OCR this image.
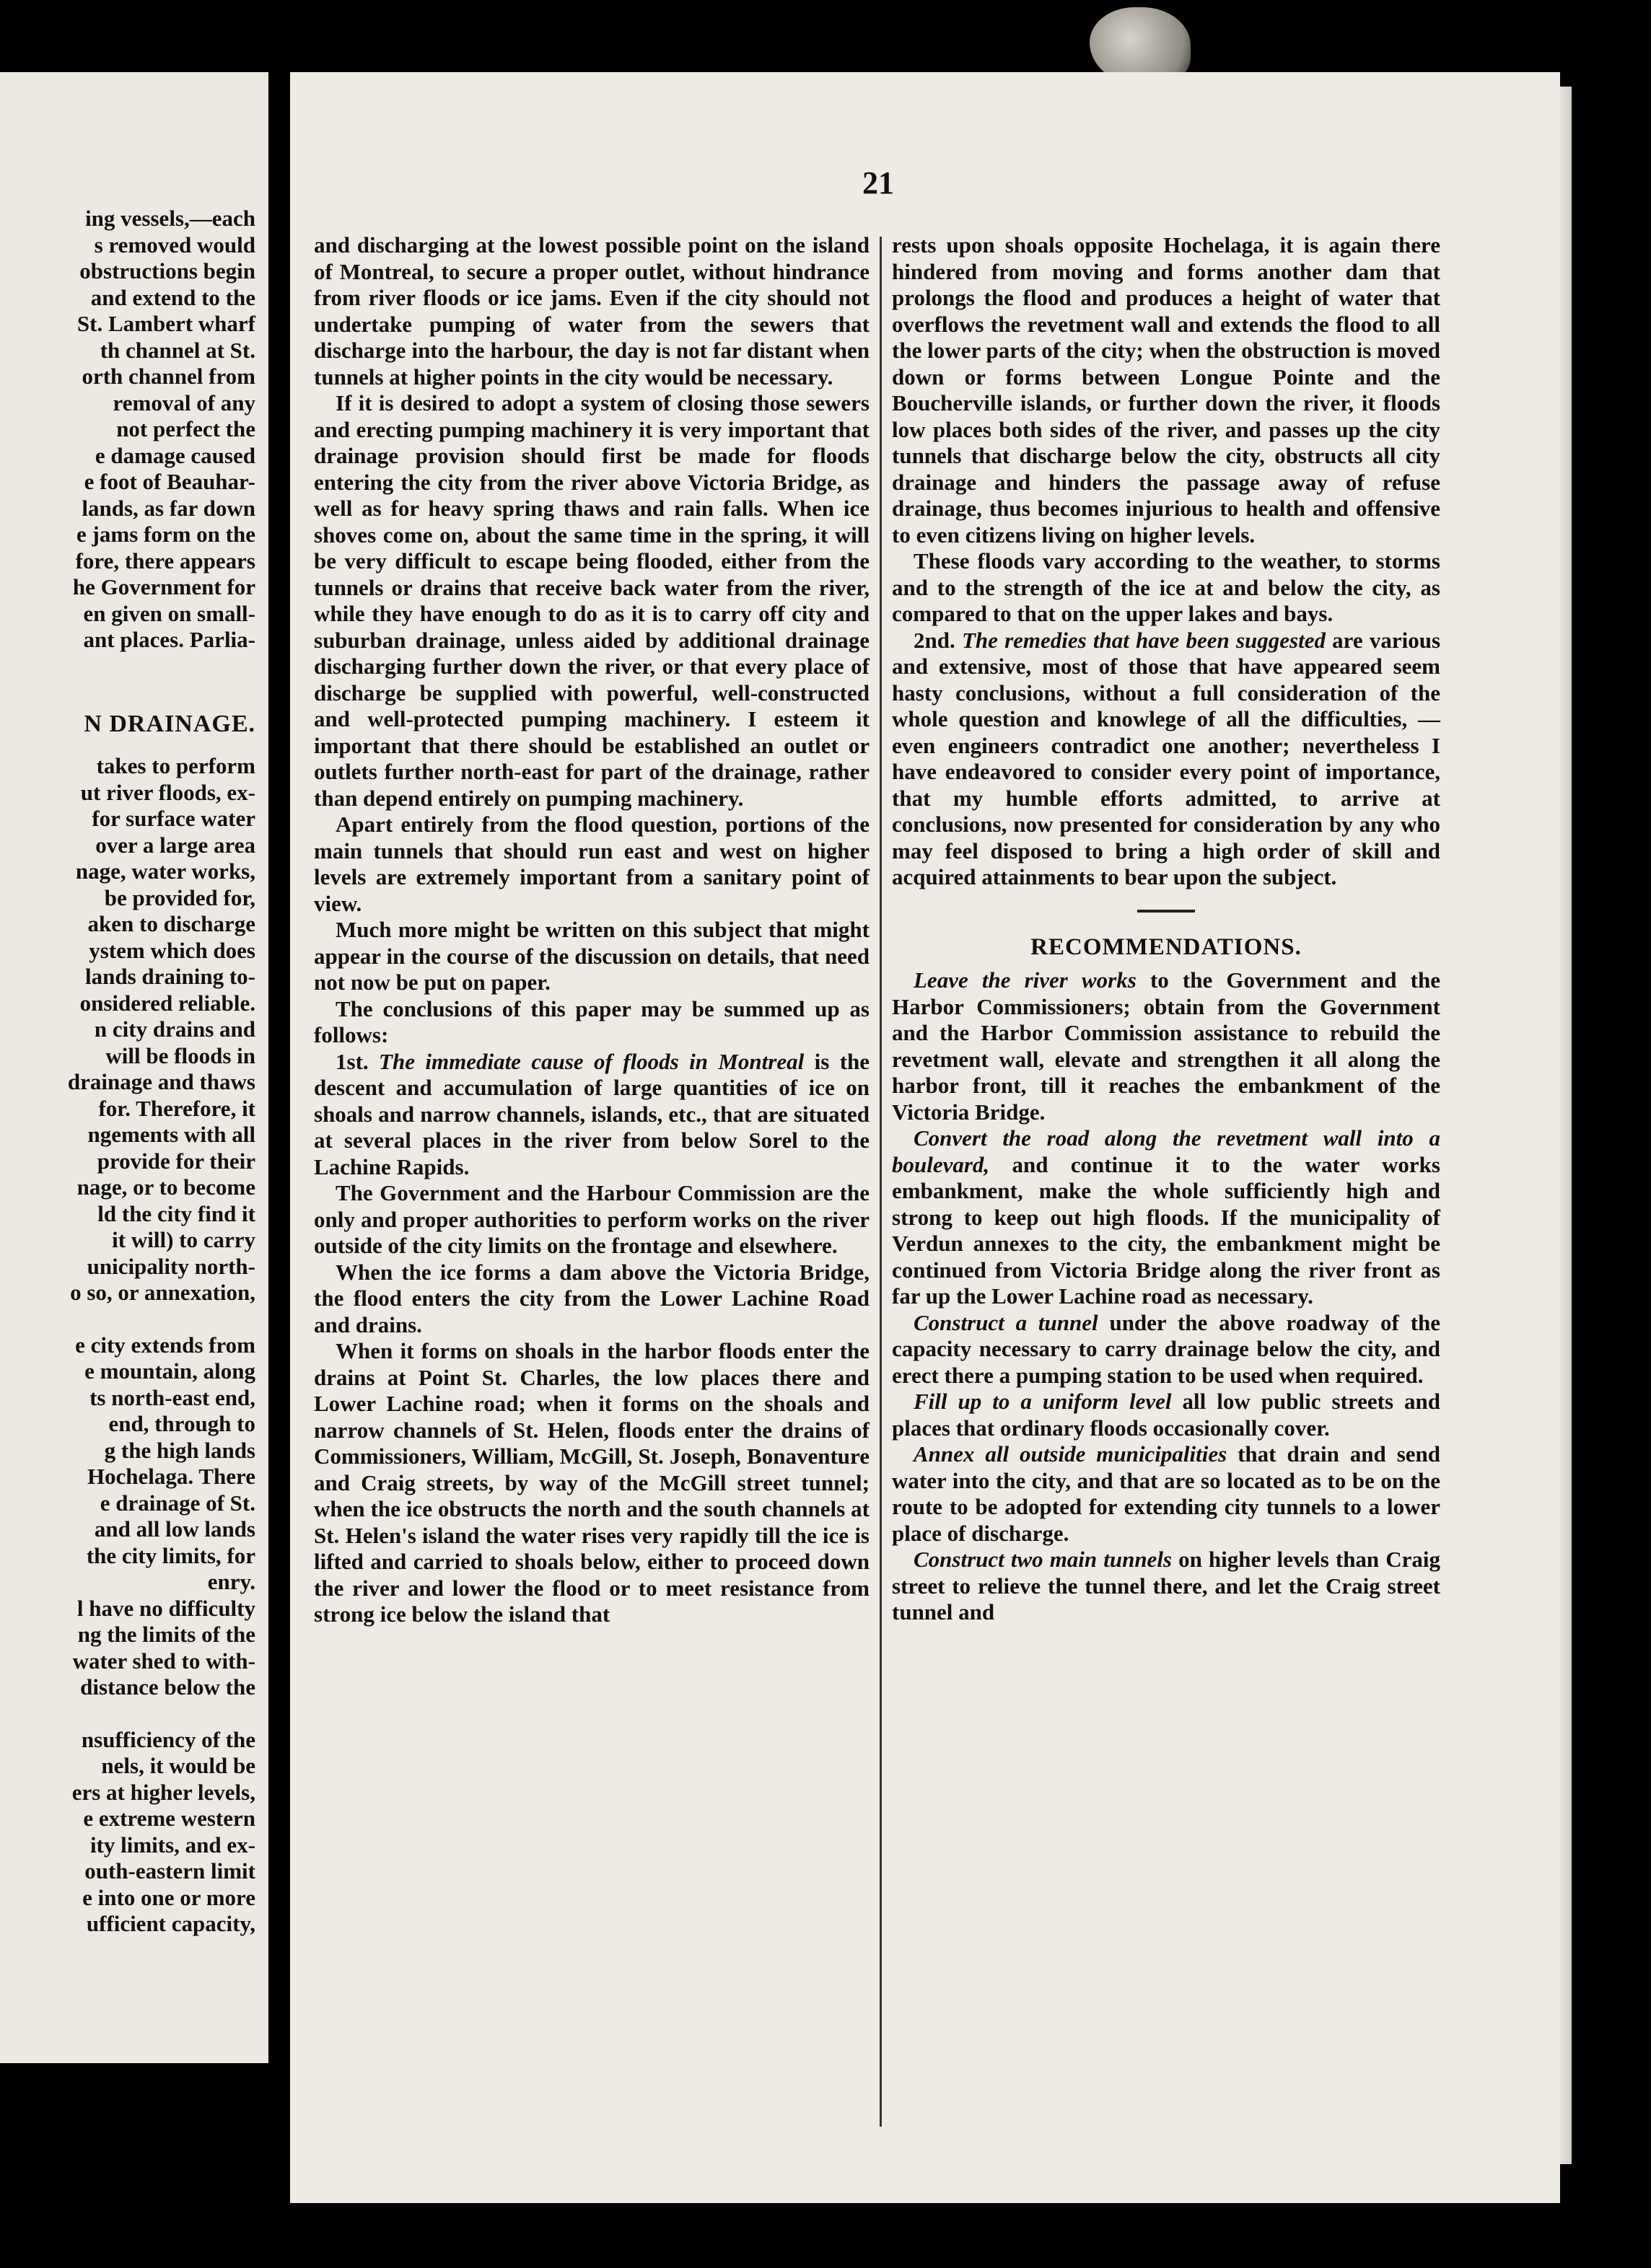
ing vessels,—each
s removed would
obstructions begin
and extend to the
St. Lambert wharf
th channel at St.
orth channel from
removal of any
not perfect the
e damage caused
e foot of Beauhar-
lands, as far down
e jams form on the
fore, there appears
he Government for
en given on small-
ant places. Parlia-
N DRAINAGE.
takes to perform
ut river floods, ex-
for surface water
over a large area
nage, water works,
be provided for,
aken to discharge
ystem which does
lands draining to-
onsidered reliable.
n city drains and
will be floods in
drainage and thaws
for. Therefore, it
ngements with all
provide for their
nage, or to become
ld the city find it
it will) to carry
unicipality north-
o so, or annexation,
e city extends from
e mountain, along
ts north-east end,
end, through to
g the high lands
Hochelaga. There
e drainage of St.
and all low lands
the city limits, for
enry.
l have no difficulty
ng the limits of the
water shed to with-
distance below the
nsufficiency of the
nels, it would be
ers at higher levels,
e extreme western
ity limits, and ex-
outh-eastern limit
e into one or more
ufficient capacity,
21

and discharging at the lowest possible point on the island of Montreal, to secure a proper outlet, without hindrance from river floods or ice jams. Even if the city should not undertake pumping of water from the sewers that discharge into the harbour, the day is not far distant when tunnels at higher points in the city would be necessary.

If it is desired to adopt a system of closing those sewers and erecting pumping machinery it is very important that drainage provision should first be made for floods entering the city from the river above Victoria Bridge, as well as for heavy spring thaws and rain falls. When ice shoves come on, about the same time in the spring, it will be very difficult to escape being flooded, either from the tunnels or drains that receive back water from the river, while they have enough to do as it is to carry off city and suburban drainage, unless aided by additional drainage discharging further down the river, or that every place of discharge be supplied with powerful, well-constructed and well-protected pumping machinery. I esteem it important that there should be established an outlet or outlets further north-east for part of the drainage, rather than depend entirely on pumping machinery.

Apart entirely from the flood question, portions of the main tunnels that should run east and west on higher levels are extremely important from a sanitary point of view.

Much more might be written on this subject that might appear in the course of the discussion on details, that need not now be put on paper.

The conclusions of this paper may be summed up as follows:

1st. The immediate cause of floods in Montreal is the descent and accumulation of large quantities of ice on shoals and narrow channels, islands, etc., that are situated at several places in the river from below Sorel to the Lachine Rapids.

The Government and the Harbour Commission are the only and proper authorities to perform works on the river outside of the city limits on the frontage and elsewhere.

When the ice forms a dam above the Victoria Bridge, the flood enters the city from the Lower Lachine Road and drains.

When it forms on shoals in the harbor floods enter the drains at Point St. Charles, the low places there and Lower Lachine road; when it forms on the shoals and narrow channels of St. Helen, floods enter the drains of Commissioners, William, McGill, St. Joseph, Bonaventure and Craig streets, by way of the McGill street tunnel; when the ice obstructs the north and the south channels at St. Helen's island the water rises very rapidly till the ice is lifted and carried to shoals below, either to proceed down the river and lower the flood or to meet resistance from strong ice below the island that

rests upon shoals opposite Hochelaga, it is again there hindered from moving and forms another dam that prolongs the flood and produces a height of water that overflows the revetment wall and extends the flood to all the lower parts of the city; when the obstruction is moved down or forms between Longue Pointe and the Boucherville islands, or further down the river, it floods low places both sides of the river, and passes up the city tunnels that discharge below the city, obstructs all city drainage and hinders the passage away of refuse drainage, thus becomes injurious to health and offensive to even citizens living on higher levels.

These floods vary according to the weather, to storms and to the strength of the ice at and below the city, as compared to that on the upper lakes and bays.

2nd. The remedies that have been suggested are various and extensive, most of those that have appeared seem hasty conclusions, without a full consideration of the whole question and knowlege of all the difficulties, —even engineers contradict one another; nevertheless I have endeavored to consider every point of importance, that my humble efforts admitted, to arrive at conclusions, now presented for consideration by any who may feel disposed to bring a high order of skill and acquired attainments to bear upon the subject.

RECOMMENDATIONS.

Leave the river works to the Government and the Harbor Commissioners; obtain from the Government and the Harbor Commission assistance to rebuild the revetment wall, elevate and strengthen it all along the harbor front, till it reaches the embankment of the Victoria Bridge.

Convert the road along the revetment wall into a boulevard, and continue it to the water works embankment, make the whole sufficiently high and strong to keep out high floods. If the municipality of Verdun annexes to the city, the embankment might be continued from Victoria Bridge along the river front as far up the Lower Lachine road as necessary.

Construct a tunnel under the above roadway of the capacity necessary to carry drainage below the city, and erect there a pumping station to be used when required.

Fill up to a uniform level all low public streets and places that ordinary floods occasionally cover.

Annex all outside municipalities that drain and send water into the city, and that are so located as to be on the route to be adopted for extending city tunnels to a lower place of discharge.

Construct two main tunnels on higher levels than Craig street to relieve the tunnel there, and let the Craig street tunnel and
